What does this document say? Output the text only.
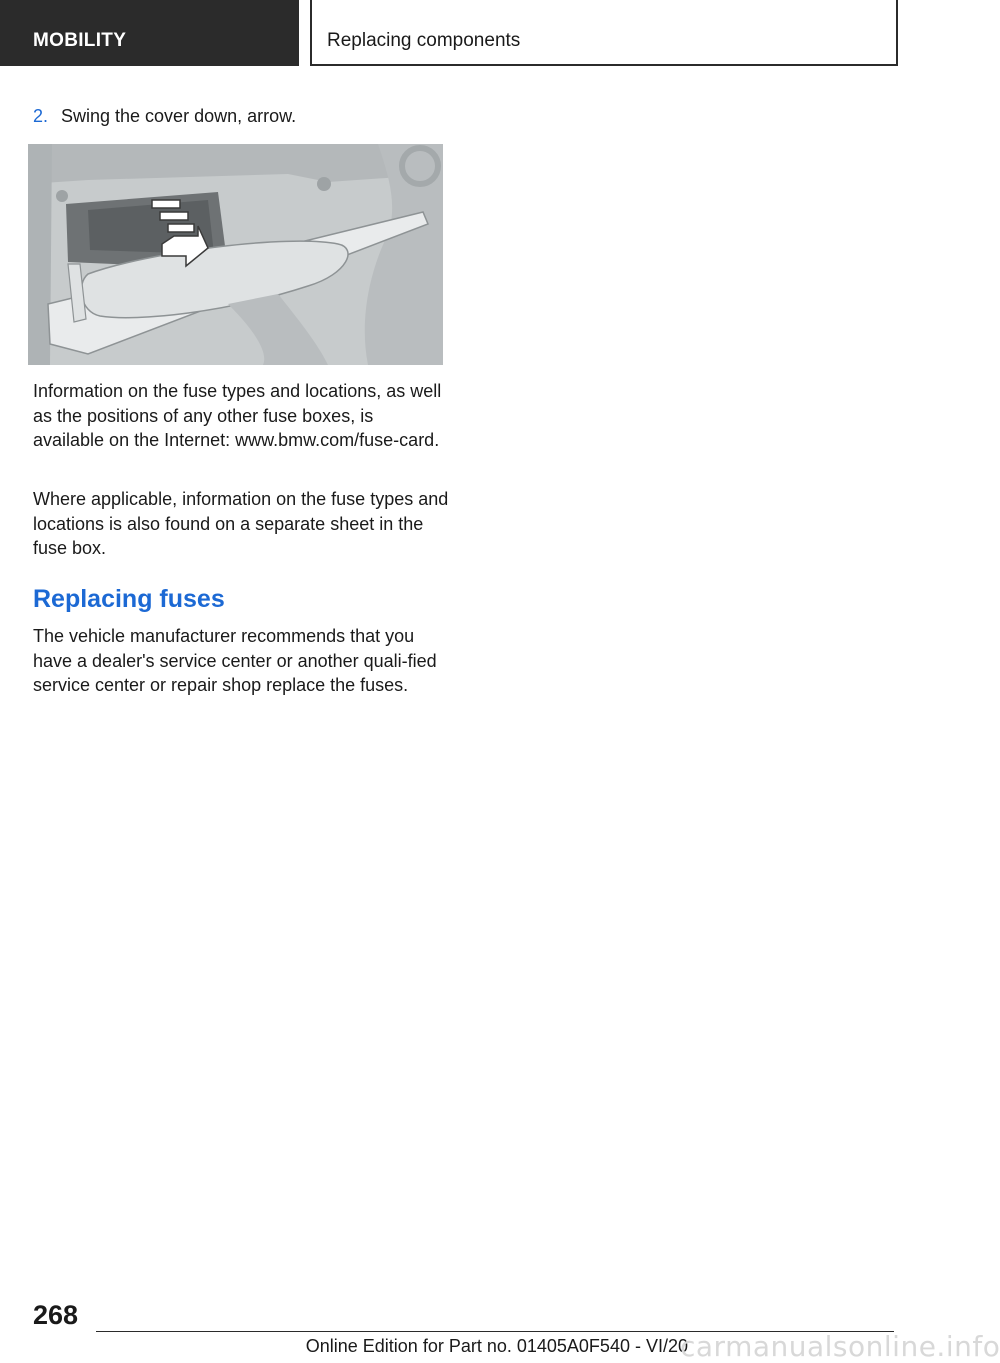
MOBILITY	Replacing components
2. Swing the cover down, arrow.

Information on the fuse types and locations, as well as the positions of any other fuse boxes, is available on the Internet: www.bmw.com/fuse-card.

Where applicable, information on the fuse types and locations is also found on a separate sheet in the fuse box.

Replacing fuses

The vehicle manufacturer recommends that you have a dealer's service center or another quali-fied service center or repair shop replace the fuses.

268
Online Edition for Part no. 01405A0F540 - VI/20
carmanualsonline.info
